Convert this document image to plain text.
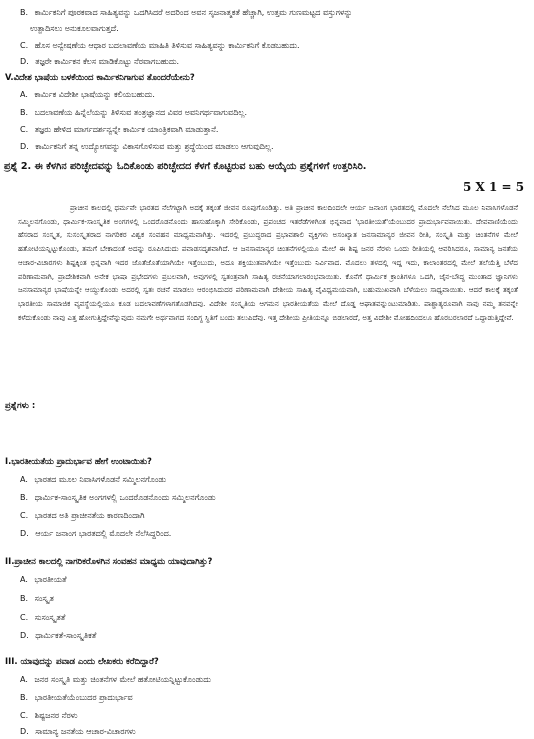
B. ಕಾರ್ಮಿಕನಿಗೆ ಪೂರಕವಾದ ಸಾಹಿತ್ಯವನ್ನು ಒದಗಿಸಿದರೆ ಅದರಿಂದ ಅವನ ಸೃಜನಾತ್ಮಕತೆ ಹೆಚ್ಚಾಗಿ, ಉತ್ತಮ ಗುಣಮಟ್ಟದ ವಸ್ತುಗಳನ್ನು
ಉತ್ಪಾದಿಸಲು ಅನುಕೂಲವಾಗುತ್ತದೆ.
C. ಹೊಸ ಅನ್ವೇಷಣೆಯ ಆಧಾರ ಬದಲಾವಣೆಯ ಮಾಹಿತಿ ತಿಳಿಸುವ ಸಾಹಿತ್ಯವನ್ನು ಕಾರ್ಮಿಕನಿಗೆ ಕೊಡಬಹುದು.
D. ತಜ್ಞರೇ ಕಾರ್ಮಿಕನ ಕೆಲಸ ಮಾಡಿಕೊಟ್ಟು ನೆರವಾಗಬಹುದು.
V.ವಿದೇಶ ಭಾಷೆಯ ಬಳಕೆಯಿಂದ ಕಾರ್ಮಿಕನಿಗಾಗುವ ತೊಂದರೆಯೇನು?
A. ಕಾರ್ಮಿಕ ವಿದೇಶೀ ಭಾಷೆಯನ್ನು ಕಲಿಯಬಹುದು.
B. ಬದಲಾವಣೆಯ ಹಿನ್ನೆಲೆಯನ್ನು ತಿಳಿಸುವ ತಂತ್ರಜ್ಞಾನದ ವಿವರ ಅವನಿಗರ್ಥವಾಗುವದಿಲ್ಲ.
C. ತಜ್ಞರು ಹೇಳಿದ ಮಾರ್ಗದರ್ಶನ್ವನ್ನೇ ಕಾರ್ಮಿಕ ಯಾಂತ್ರಿಕವಾಗಿ ಮಾಡುತ್ತಾನೆ.
D. ಕಾರ್ಮಿಕನಿಗೆ ತನ್ನ ಉದ್ಯೋಗವನ್ನು ವಿಕಾಸಗೊಳಿಸುವ ಮತ್ತು ಶ್ರದ್ಧೆಯಿಂದ ಮಾಡಲು ಆಗುವುದಿಲ್ಲ.
ಪ್ರಶ್ನೆ 2. ಈ ಕೆಳಗಿನ ಪರಿಚ್ಛೇದವನ್ನು ಓದಿಕೊಂಡು ಪರಿಚ್ಛೇದದ ಕೆಳಗೆ ಕೊಟ್ಟಿರುವ ಬಹು ಆಯ್ಕೆಯ ಪ್ರಶ್ನೆಗಳಿಗೆ ಉತ್ತರಿಸಿರಿ.
5 X 1 = 5
ಪ್ರಾಚೀನ ಕಾಲದಲ್ಲಿ ಧರ್ಮವೇ ಭಾರತದ ನೆಲೆಗಟ್ಟಾಗಿ ಅದಕ್ಕೆ ತಕ್ಕಂತೆ ಜೀವನ ರೂಪುಗೊಂಡಿತ್ತು. ಅತಿ ಪ್ರಾಚೀನ ಕಾಲದಿಂದಲೇ ಆರ್ಯ ಜನಾಂಗ ಭಾರತದಲ್ಲಿ ಮೊದಲೇ ನೆಲೆಸಿದ ಮೂಲ ನಿವಾಸಿಗಳೊಡನೆ ಸಮ್ಮಿಲನಗೊಂಡು, ಧಾರ್ಮಿಕ-ಸಾಂಸ್ಕೃತಿಕ ಅಂಗಗಳಲ್ಲಿ ಒಂದರೊಡನೊಂದು ಹಾಸುಹೊಕ್ಕಾಗಿ ಸೇರಿಕೊಂಡು, ಪ್ರಪಂಚದ ಇತರೆಡೆಗಳಿಗಿಂತ ಭಿನ್ನವಾದ 'ಭಾರತೀಯತೆ'ಯೆಂಬುದರ ಪ್ರಾದುರ್ಭಾವವಾಯಿತು. ದೇವವಾಣಿಯೆಂದು ಹೆಸರಾದ ಸಂಸ್ಕೃತ, ಸುಸಂಸ್ಕೃತರಾದ ನಾಗರಿಕರ ವಿಶ್ವಕ ಸಂವಹನ ಮಾಧ್ಯಮವಾಗಿತ್ತು. ಇದರಲ್ಲಿ ಪ್ರಬುದ್ಧರಾದ ಪ್ರಭಾವಶಾಲಿ ವ್ಯಕ್ತಿಗಳು ಅಸಂಖ್ಯಾತ ಜನಸಾಮಾನ್ಯರ ಜೀವನ ರೀತಿ, ಸಂಸ್ಕೃತಿ ಮತ್ತು ಚಿಂತನೆಗಳ ಮೇಲೆ ಹತೋಟಿಯನ್ನಿಟ್ಟುಕೊಂಡು, ತಮಗೆ ಬೇಕಾದಂತೆ ಅದನ್ನು ರೂಪಿಸಿದುದು ಪವಾಡಸದೃಶವಾಗಿದೆ. ಆ ಜನಸಾಮಾನ್ಯರ ಚಿಂತನೆಗಳಲ್ಲಿಯೂ ಮೇಲೆ ಈ ಶಿಷ್ಟ ಜನರ ನೆರಳು ಒಂದು ರೀತಿಯಲ್ಲಿ ಆವರಿಸಿದರೂ, ಸಾಮಾನ್ಯ ಜನತೆಯ ಆಚಾರ-ವಿಚಾರಗಳು ಶಿಷ್ಟಕ್ಕಿಂತ ಭಿನ್ನವಾಗಿ ಇದರ ಜೊತೆಜೊತೆಯಾಗಿಯೇ ಇತ್ತೆಂಬುದು, ಅದೂ ಶಕ್ತಿಯುತವಾಗಿಯೇ ಇತ್ತೆಂಬುದು ನಿರ್ವಿವಾದ. ಮೊದಲು ತಳದಲ್ಲಿ ಇದ್ದ ಇದು, ಕಾಲಾಂತರದಲ್ಲಿ ಮೇಲೆ ತಲೆಯೆತ್ತಿ ಬೆಳೆದ ಪರಿಣಾಮವಾಗಿ, ಪ್ರಾದೇಶಿಕವಾಗಿ ಅನೇಕ ಭಾಷಾ ಪ್ರಭೇದಗಳು ಪ್ರಬಲವಾಗಿ, ಅವುಗಳಲ್ಲಿ ಸ್ವತಂತ್ರವಾಗಿ ಸಾಹಿತ್ಯ ರಚನೆಯಾಗಲಾರಂಭವಾಯಿತು. ಕೊನೆಗೆ ಧಾರ್ಮಿಕ ಕ್ರಾಂತಿಗಳೂ ಒದಗಿ, ಜೈನ-ಬೌದ್ಧ ಮುಂತಾದ ಜ್ಞಾನಿಗಳು ಜನಸಾಮಾನ್ಯರ ಭಾಷೆಯನ್ನೇ ಆಯ್ದುಕೊಂಡು ಅದರಲ್ಲಿ ಸ್ವತಃ ರಚನೆ ಮಾಡಲು ಆರಂಭಿಸಿದುದರ ಪರಿಣಾಮವಾಗಿ ದೇಶೀಯ ಸಾಹಿತ್ಯ ವೈವಿಧ್ಯಮಯವಾಗಿ, ಬಹುಮುಖವಾಗಿ ಬೆಳೆಯಲು ಸಾಧ್ಯವಾಯಿತು. ಆದರೆ ಕಾಲಕ್ಕೆ ತಕ್ಕಂತೆ ಭಾರತೀಯ ಸಾಮಾಜಿಕ ವ್ಯವಸ್ಥೆಯಲ್ಲಿಯೂ ಕೂಡ ಬದಲಾವಣೆಗಳಾಗತೊಡಗಿದವು. ವಿದೇಶೀ ಸಂಸ್ಕೃತಿಯ ಆಗಮನ ಭಾರತೀಯತೆಯ ಮೇಲೆ ದೊಡ್ಡ ಆಘಾತವನ್ನುಂಟುಮಾಡಿತು. ಪಾಶ್ಚಾತ್ಯರೂವಾಗಿ ನಾವು ನಮ್ಮ ತನವನ್ನೇ ಕಳೆದುಕೊಂಡು ನಾವು ಎತ್ತ ಹೋಗುತ್ತಿದ್ದೇವೆನ್ನುವುದು ನಮಗೇ ಅರ್ಥವಾಗದ ಸಂದಿಗ್ಧ ಸ್ಥಿತಿಗೆ ಬಂದು ತಲುಪಿದೆವು. ಇತ್ತ ದೇಶೀಯ ಪ್ರೀತಿಯನ್ನೂ ಬಿಡಲಾರದೆ, ಅತ್ತ ವಿದೇಶೀ ಮೋಹದಿಂದಲೂ ಹೊರಬರಲಾರದೆ ಒದ್ದಾಡುತ್ತಿದ್ದೇವೆ.
ಪ್ರಶ್ನೆಗಳು :
I.ಭಾರತೀಯತೆಯ ಪ್ರಾದುರ್ಭಾವ ಹೇಗೆ ಉಂಟಾಯಿತು?
A. ಭಾರತದ ಮೂಲ ನಿವಾಸಿಗಳೊಡನೆ ಸಮ್ಮಿಲನಗೊಂಡು
B. ಧಾರ್ಮಿಕ-ಸಾಂಸ್ಕೃತಿಕ ಅಂಗಗಳಲ್ಲಿ ಒಂದರೊಡನೊಂದು ಸಮ್ಮಿಲನಗೊಂಡು
C. ಭಾರತದ ಅತಿ ಪ್ರಾಚೀನತೆಯ ಕಾರಣದಿಂದಾಗಿ
D. ಆರ್ಯ ಜನಾಂಗ ಭಾರತದಲ್ಲಿ ಮೊದಲೇ ನೆಲೆಸಿದ್ದರಿಂದ.
II.ಪ್ರಾಚೀನ ಕಾಲದಲ್ಲಿ ನಾಗರಿಕರೊಳಗಿನ ಸಂವಹನ ಮಾಧ್ಯಮ ಯಾವುದಾಗಿತ್ತು?
A. ಭಾರತೀಯತೆ
B. ಸಂಸ್ಕೃತ
C. ಸುಸಂಸ್ಕೃತತೆ
D. ಧಾರ್ಮಿಕತೆ-ಸಾಂಸ್ಕೃತಿಕತೆ
III. ಯಾವುದನ್ನು ಪವಾಡ ಎಂದು ಲೇಖಕರು ಕರೆದಿದ್ದಾರೆ?
A. ಜನರ ಸಂಸ್ಕೃತಿ ಮತ್ತು ಚಿಂತನೆಗಳ ಮೇಲೆ ಹತೋಟಿಯನ್ನಿಟ್ಟುಕೊಂಡುದು
B. ಭಾರತೀಯತೆಯೆಂಬುದರ ಪ್ರಾದುರ್ಭಾವ
C. ಶಿಷ್ಟಜನರ ನೆರಳು
D. ಸಾಮಾನ್ಯ ಜನತೆಯ ಆಚಾರ-ವಿಚಾರಗಳು
